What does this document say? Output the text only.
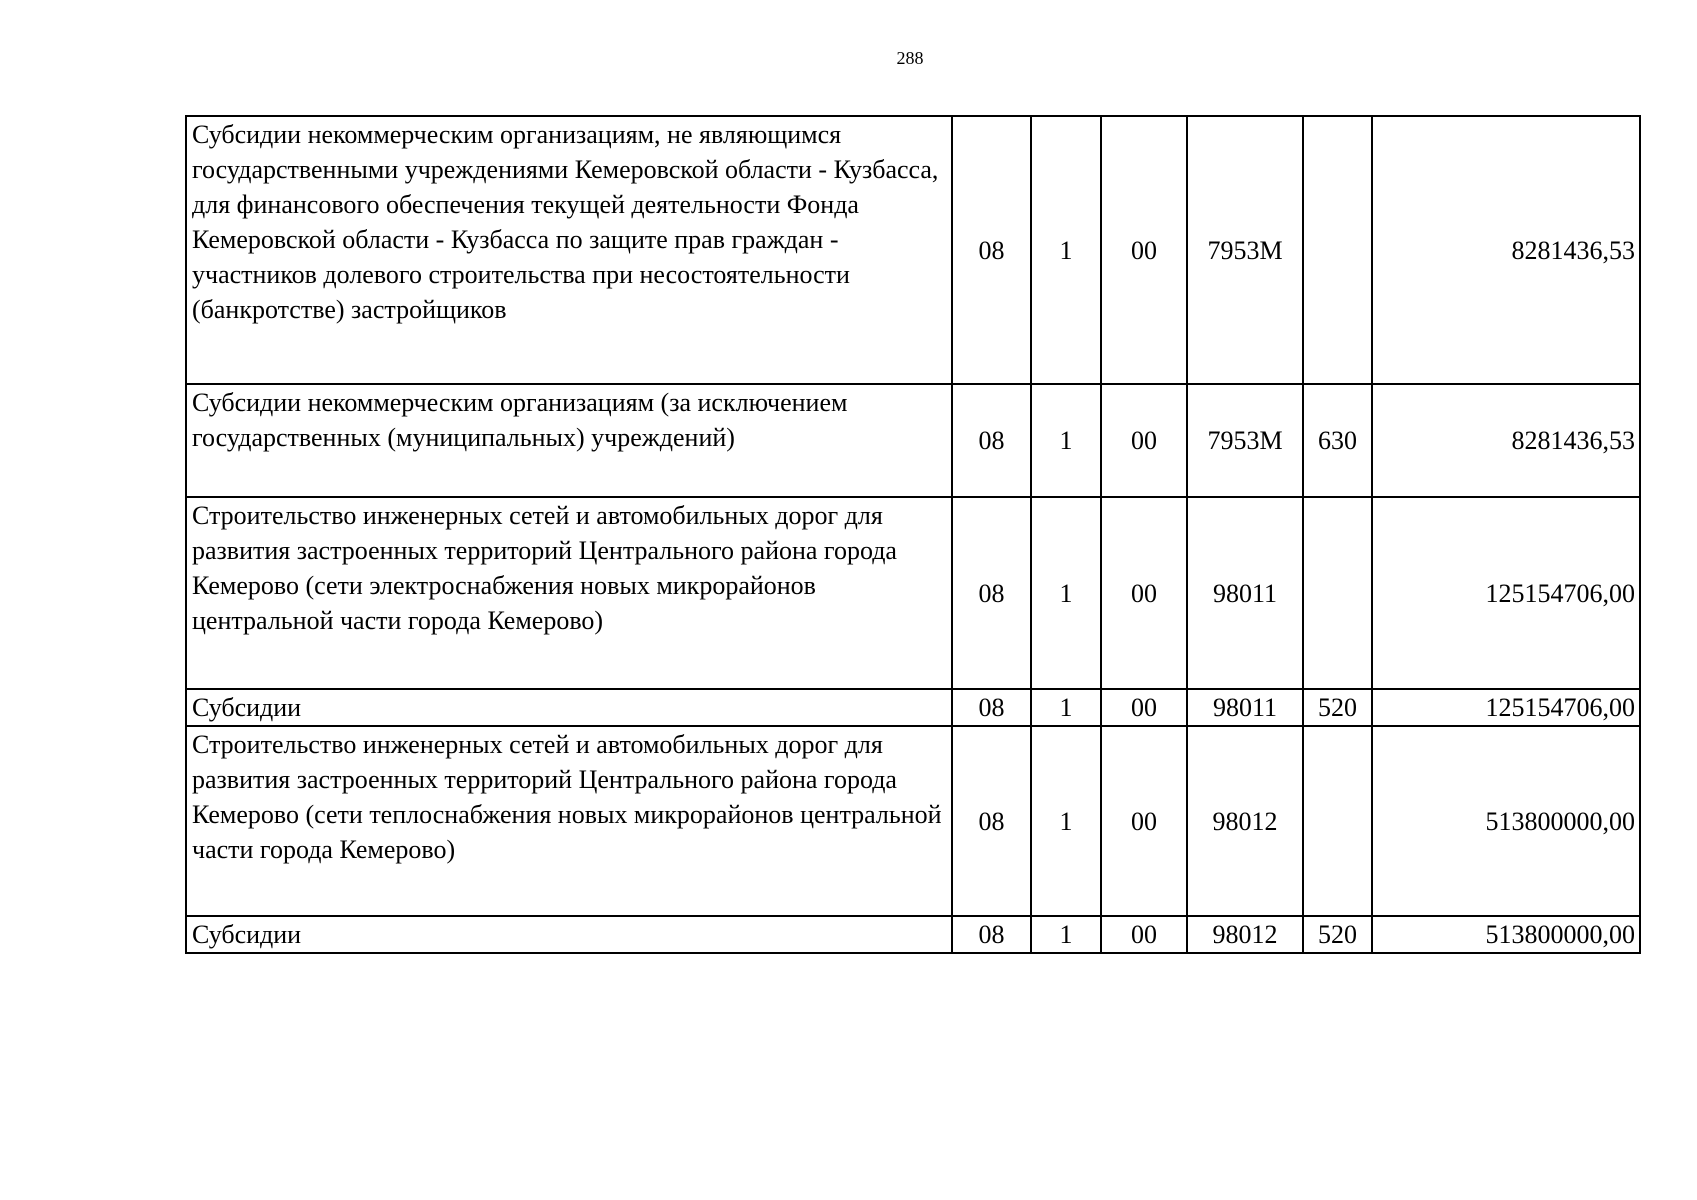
288
Субсидии некоммерческим организациям, не являющимся государственными учреждениями Кемеровской области - Кузбасса, для финансового обеспечения текущей деятельности Фонда Кемеровской области - Кузбасса по защите прав граждан - участников долевого строительства при несостоятельности (банкротстве) застройщиков	08	1	00	7953М		8281436,53
Субсидии некоммерческим организациям (за исключением государственных (муниципальных) учреждений)	08	1	00	7953М	630	8281436,53
Строительство инженерных сетей и автомобильных дорог для развития застроенных территорий Центрального района города Кемерово (сети электроснабжения новых микрорайонов центральной части города Кемерово)	08	1	00	98011		125154706,00
Субсидии	08	1	00	98011	520	125154706,00
Строительство инженерных сетей и автомобильных дорог для развития застроенных территорий Центрального района города Кемерово (сети теплоснабжения новых микрорайонов центральной части города Кемерово)	08	1	00	98012		513800000,00
Субсидии	08	1	00	98012	520	513800000,00
